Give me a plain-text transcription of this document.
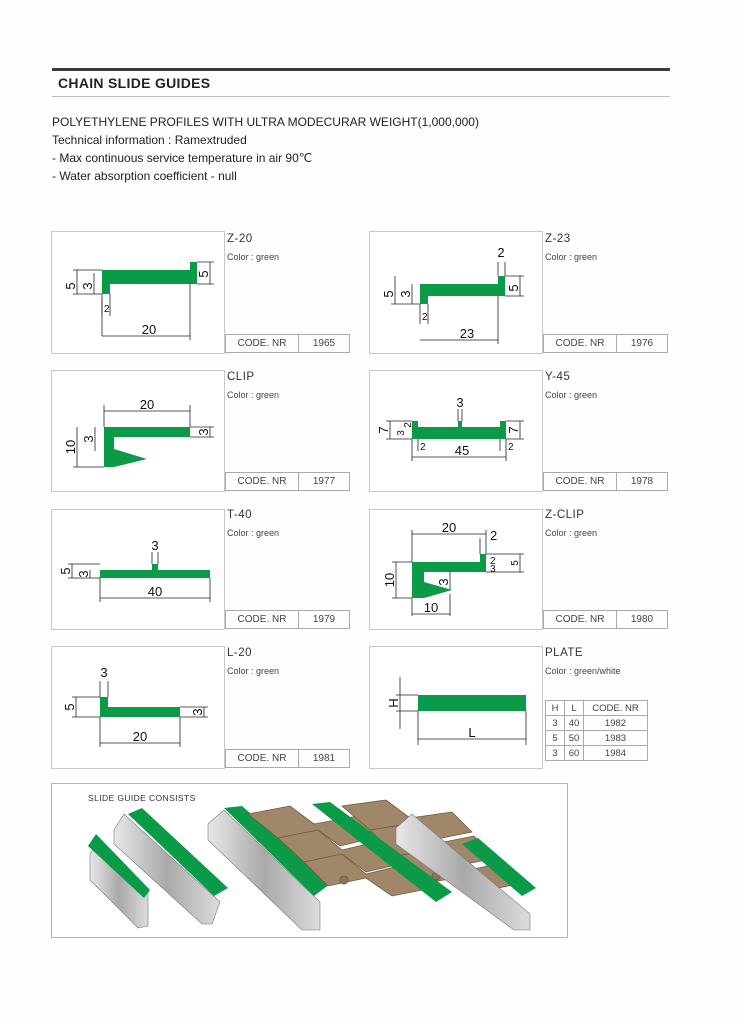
CHAIN SLIDE GUIDES
POLYETHYLENE PROFILES WITH ULTRA MODECURAR WEIGHT(1,000,000)
Technical information : Ramextruded
- Max continuous service temperature in air 90℃
- Water absorption coefficient - null
5 3
5
2
20
Z-20
Color : green
CODE. NR	1965
2
5
3
5
2
23
Z-23
Color : green
CODE. NR	1976
20
10
3
3
CLIP
Color : green
CODE. NR	1977
3
7 3
2
7
2 45	2
Y-45
Color : green
CODE. NR	1978
3
5 3
40
T-40
Color : green
CODE. NR	1979
20
2
2
3
5
10	3
10
Z-CLIP
Color : green
CODE. NR	1980
3
5
3
20
L-20
Color : green
CODE. NR	1981
H
L
PLATE
Color : green/white
H	L	CODE. NR
3	40	1982
5	50	1983
3	60	1984
SLIDE GUIDE CONSISTS
